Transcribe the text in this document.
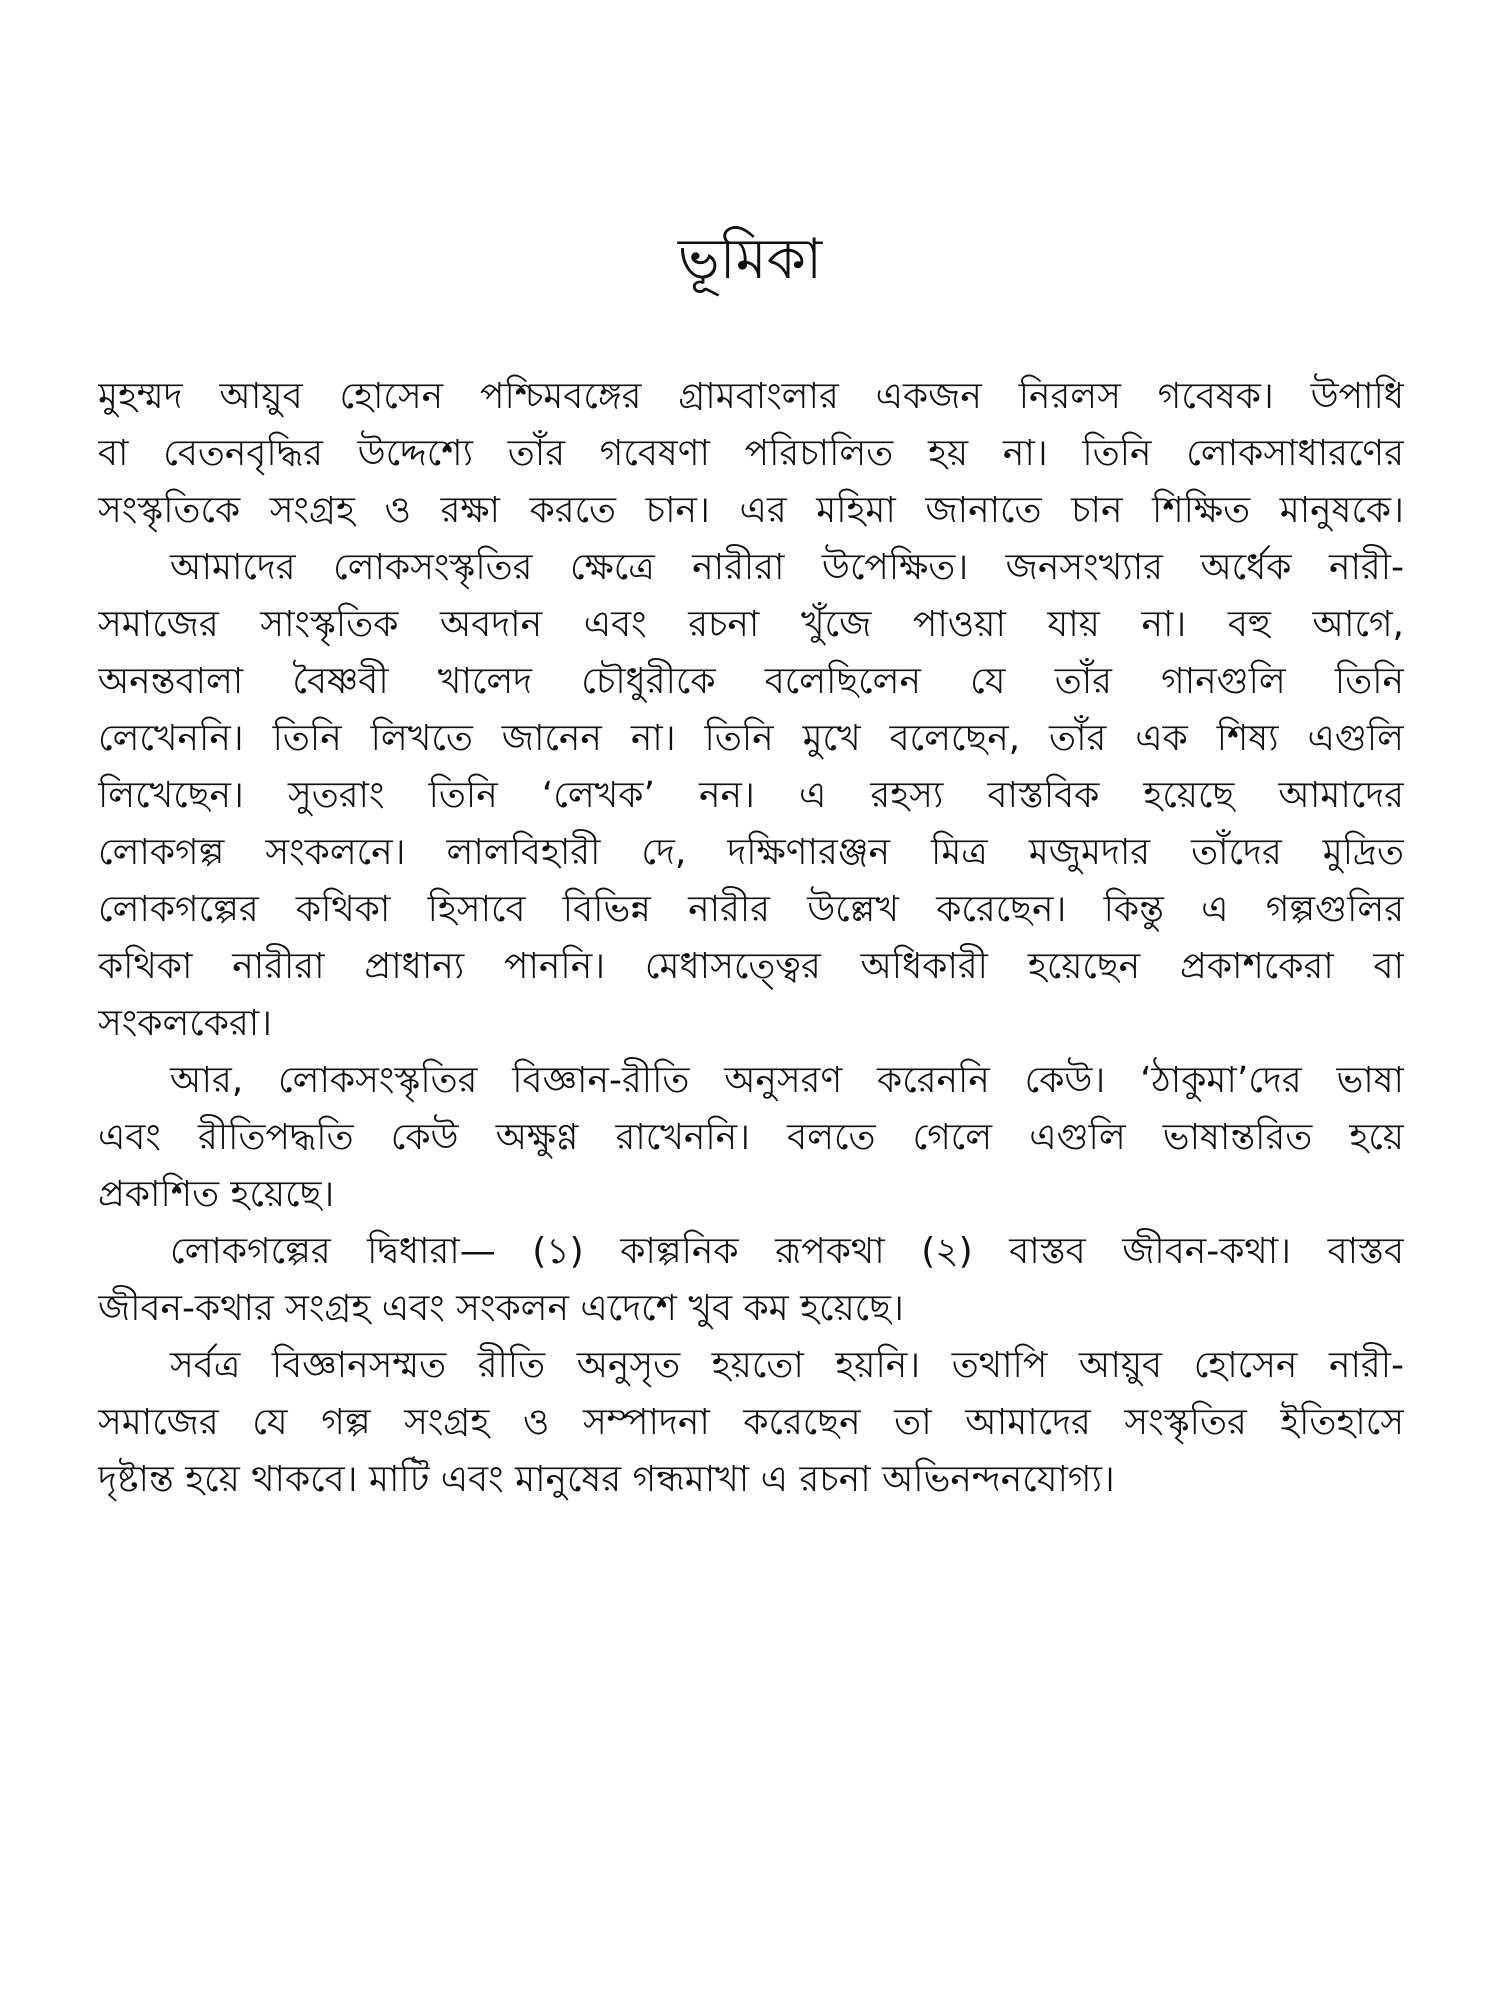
ভূমিকা
মুহম্মদ আয়ুব হোসেন পশ্চিমবঙ্গের গ্রামবাংলার একজন নিরলস গবেষক। উপাধি
বা বেতনবৃদ্ধির উদ্দেশ্যে তাঁর গবেষণা পরিচালিত হয় না। তিনি লোকসাধারণের
সংস্কৃতিকে সংগ্রহ ও রক্ষা করতে চান। এর মহিমা জানাতে চান শিক্ষিত মানুষকে।
আমাদের লোকসংস্কৃতির ক্ষেত্রে নারীরা উপেক্ষিত। জনসংখ্যার অর্ধেক নারী-
সমাজের সাংস্কৃতিক অবদান এবং রচনা খুঁজে পাওয়া যায় না। বহু আগে,
অনন্তবালা বৈষ্ণবী খালেদ চৌধুরীকে বলেছিলেন যে তাঁর গানগুলি তিনি
লেখেননি। তিনি লিখতে জানেন না। তিনি মুখে বলেছেন, তাঁর এক শিষ্য এগুলি
লিখেছেন। সুতরাং তিনি ‘লেখক’ নন। এ রহস্য বাস্তবিক হয়েছে আমাদের
লোকগল্প সংকলনে। লালবিহারী দে, দক্ষিণারঞ্জন মিত্র মজুমদার তাঁদের মুদ্রিত
লোকগল্পের কথিকা হিসাবে বিভিন্ন নারীর উল্লেখ করেছেন। কিন্তু এ গল্পগুলির
কথিকা নারীরা প্রাধান্য পাননি। মেধাসত্ত্বের অধিকারী হয়েছেন প্রকাশকেরা বা
সংকলকেরা।
আর, লোকসংস্কৃতির বিজ্ঞান-রীতি অনুসরণ করেননি কেউ। ‘ঠাকুমা’দের ভাষা
এবং রীতিপদ্ধতি কেউ অক্ষুণ্ণ রাখেননি। বলতে গেলে এগুলি ভাষান্তরিত হয়ে
প্রকাশিত হয়েছে।
লোকগল্পের দ্বিধারা— (১) কাল্পনিক রূপকথা (২) বাস্তব জীবন-কথা। বাস্তব
জীবন-কথার সংগ্রহ এবং সংকলন এদেশে খুব কম হয়েছে।
সর্বত্র বিজ্ঞানসম্মত রীতি অনুসৃত হয়তো হয়নি। তথাপি আয়ুব হোসেন নারী-
সমাজের যে গল্প সংগ্রহ ও সম্পাদনা করেছেন তা আমাদের সংস্কৃতির ইতিহাসে
দৃষ্টান্ত হয়ে থাকবে। মাটি এবং মানুষের গন্ধমাখা এ রচনা অভিনন্দনযোগ্য।
